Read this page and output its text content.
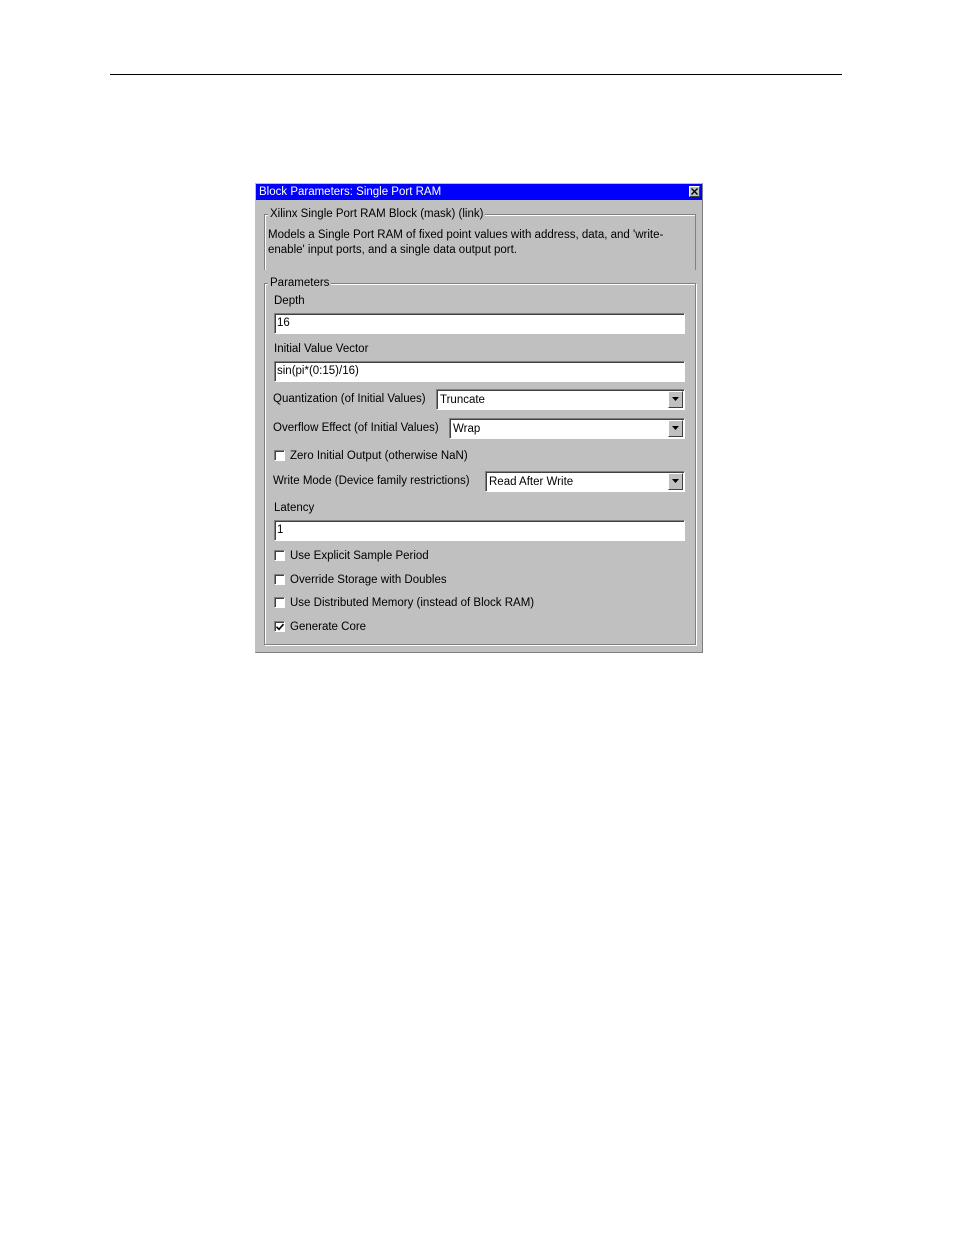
Block Parameters: Single Port RAM
Xilinx Single Port RAM Block (mask) (link)
Models a Single Port RAM of fixed point values with address, data, and 'write-enable' input ports, and a single data output port.
Parameters
Depth
16
Initial Value Vector
sin(pi*(0:15)/16)
Quantization (of Initial Values) Truncate
Overflow Effect (of Initial Values) Wrap
Zero Initial Output (otherwise NaN)
Write Mode (Device family restrictions) Read After Write
Latency
1
Use Explicit Sample Period
Override Storage with Doubles
Use Distributed Memory (instead of Block RAM)
Generate Core
